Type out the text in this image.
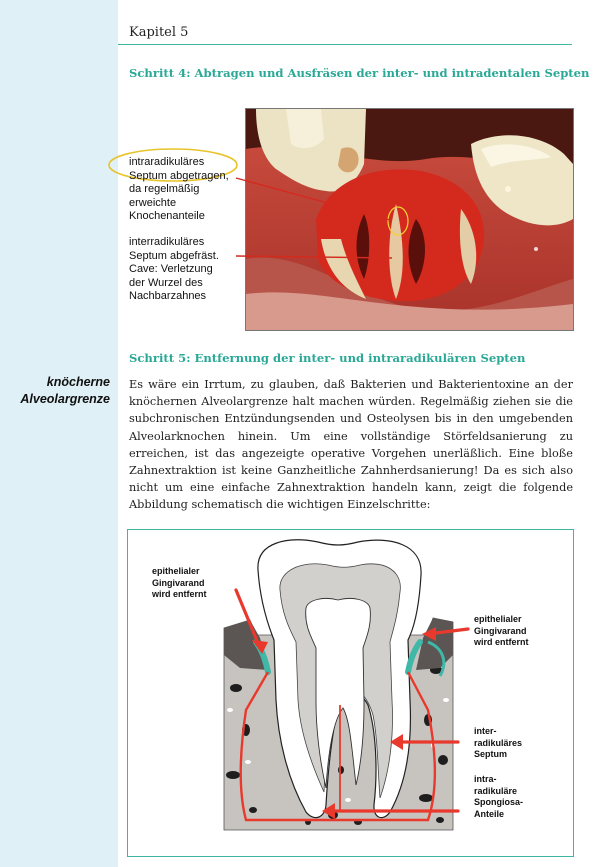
Kapitel 5
Schritt 4: Abtragen und Ausfräsen der inter- und intradentalen Septen
intraradikuläres
Septum abgetragen,
da regelmäßig
erweichte
Knochenanteile
interradikuläres
Septum abgefräst.
Cave: Verletzung
der Wurzel des
Nachbarzahnes
Schritt 5: Entfernung der inter- und intraradikulären Septen
knöcherne
Alveolargrenze
Es wäre ein Irrtum, zu glauben, daß Bakterien und Bakterientoxine an der knöchernen Alveolargrenze halt machen würden. Regelmäßig ziehen sie die subchronischen Entzündungsenden und Osteolysen bis in den umgebenden Alveolarknochen hinein. Um eine vollständige Störfeldsanierung zu erreichen, ist das angezeigte operative Vorgehen unerläßlich. Eine bloße Zahnextraktion ist keine Ganzheitliche Zahnherdsanierung! Da es sich also nicht um eine einfache Zahnextraktion handeln kann, zeigt die folgende Abbildung schematisch die wichtigen Einzelschritte:
epithelialer
Gingivarand
wird entfernt
epithelialer
Gingivarand
wird entfernt
inter-
radikuläres
Septum
intra-
radikuläre
Spongiosa-
Anteile
